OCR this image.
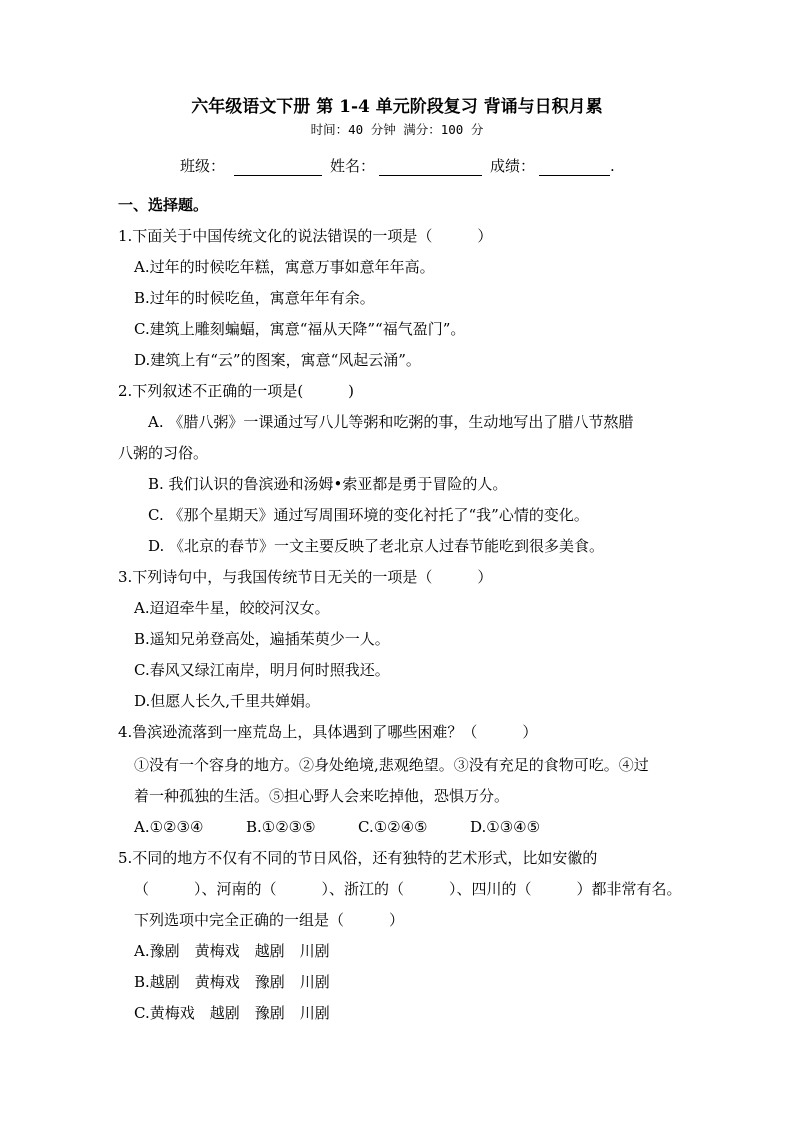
六年级语文下册 第 1-4 单元阶段复习 背诵与日积月累
时间：40 分钟 满分：100 分
班级：	姓名：	成绩：	.
一、选择题。
1.下面关于中国传统文化的说法错误的一项是（　　　）
A.过年的时候吃年糕，寓意万事如意年年高。
B.过年的时候吃鱼，寓意年年有余。
C.建筑上雕刻蝙蝠，寓意“福从天降”“福气盈门”。
D.建筑上有“云”的图案，寓意“风起云涌”。
2.下列叙述不正确的一项是(　　　)
A. 《腊八粥》一课通过写八儿等粥和吃粥的事，生动地写出了腊八节熬腊
八粥的习俗。
B. 我们认识的鲁滨逊和汤姆•索亚都是勇于冒险的人。
C. 《那个星期天》通过写周围环境的变化衬托了“我”心情的变化。
D. 《北京的春节》一文主要反映了老北京人过春节能吃到很多美食。
3.下列诗句中，与我国传统节日无关的一项是（　　　）
A.迢迢牵牛星，皎皎河汉女。
B.遥知兄弟登高处，遍插茱萸少一人。
C.春风又绿江南岸，明月何时照我还。
D.但愿人长久,千里共婵娟。
4.鲁滨逊流落到一座荒岛上，具体遇到了哪些困难？（　　　）
①没有一个容身的地方。②身处绝境,悲观绝望。③没有充足的食物可吃。④过
着一种孤独的生活。⑤担心野人会来吃掉他，恐惧万分。
A.①②③④	B.①②③⑤	C.①②④⑤	D.①③④⑤
5.不同的地方不仅有不同的节日风俗，还有独特的艺术形式，比如安徽的
（　　　）、河南的（　　　）、浙江的（　　　）、四川的（　　　）都非常有名。
下列选项中完全正确的一组是（　　　）
A.豫剧　黄梅戏　越剧　川剧
B.越剧　黄梅戏　豫剧　川剧
C.黄梅戏　越剧　豫剧　川剧
